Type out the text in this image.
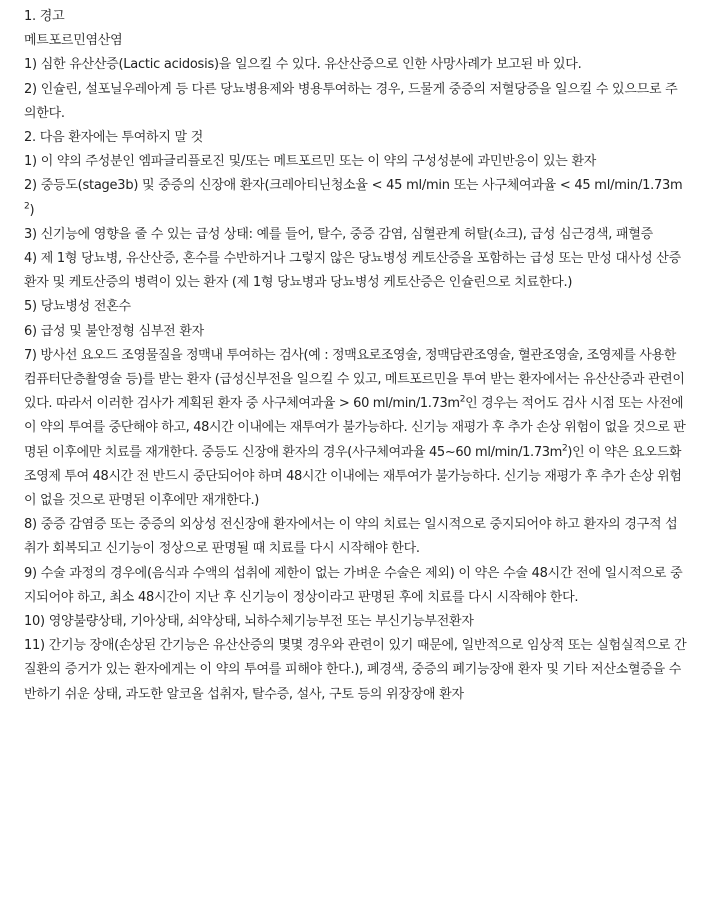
1. 경고

메트포르민염산염

1) 심한 유산산증(Lactic acidosis)을 일으킬 수 있다. 유산산증으로 인한 사망사례가 보고된 바 있다.

2) 인슐린, 설포닐우레아계 등 다른 당뇨병용제와 병용투여하는 경우, 드물게 중증의 저혈당증을 일으킬 수 있으므로 주의한다.

2. 다음 환자에는 투여하지 말 것

1) 이 약의 주성분인 엠파글리플로진 및/또는 메트포르민 또는 이 약의 구성성분에 과민반응이 있는 환자

2) 중등도(stage3b) 및 중증의 신장애 환자(크레아티닌청소율 < 45 ml/min 또는 사구체여과율 < 45 $ml/\min/1.73m^2$)

3) 신기능에 영향을 줄 수 있는 급성 상태: 예를 들어, 탈수, 중증 감염, 심혈관계 허탈(쇼크), 급성 심근경색, 패혈증

4) 제 1형 당뇨병, 유산산증, 혼수를 수반하거나 그렇지 않은 당뇨병성 케토산증을 포함하는 급성 또는 만성 대사성 산증 환자 및 케토산증의 병력이 있는 환자 (제 1형 당뇨병과 당뇨병성 케토산증은 인슐린으로 치료한다.)

5) 당뇨병성 전혼수

6) 급성 및 불안정형 심부전 환자

7) 방사선 요오드 조영물질을 정맥내 투여하는 검사(예 : 정맥요로조영술, 정맥담관조영술, 혈관조영술, 조영제를 사용한 컴퓨터단층촬영술 등)를 받는 환자 (급성신부전을 일으킬 수 있고, 메트포르민을 투여 받는 환자에서는 유산산증과 관련이 있다. 따라서 이러한 검사가 계획된 환자 중 사구체여과율 > 60 $ml/\min/1.73m^2$인 경우는 적어도 검사 시점 또는 사전에 이 약의 투여를 중단해야 하고, 48시간 이내에는 재투여가 불가능하다. 신기능 재평가 후 추가 손상 위험이 없을 것으로 판명된 이후에만 치료를 재개한다. 중등도 신장애 환자의 경우(사구체여과율 45~60 $ml/\min/1.73m^2$)인 이 약은 요오드화 조영제 투여 48시간 전 반드시 중단되어야 하며 48시간 이내에는 재투여가 불가능하다. 신기능 재평가 후 추가 손상 위험이 없을 것으로 판명된 이후에만 재개한다.)

8) 중증 감염증 또는 중증의 외상성 전신장애 환자에서는 이 약의 치료는 일시적으로 중지되어야 하고 환자의 경구적 섭취가 회복되고 신기능이 정상으로 판명될 때 치료를 다시 시작해야 한다.

9) 수술 과정의 경우에(음식과 수액의 섭취에 제한이 없는 가벼운 수술은 제외) 이 약은 수술 48시간 전에 일시적으로 중지되어야 하고, 최소 48시간이 지난 후 신기능이 정상이라고 판명된 후에 치료를 다시 시작해야 한다.

10) 영양불량상태, 기아상태, 쇠약상태, 뇌하수체기능부전 또는 부신기능부전환자

11) 간기능 장애(손상된 간기능은 유산산증의 몇몇 경우와 관련이 있기 때문에, 일반적으로 임상적 또는 실험실적으로 간 질환의 증거가 있는 환자에게는 이 약의 투여를 피해야 한다.), 폐경색, 중증의 폐기능장애 환자 및 기타 저산소혈증을 수반하기 쉬운 상태, 과도한 알코올 섭취자, 탈수증, 설사, 구토 등의 위장장애 환자
